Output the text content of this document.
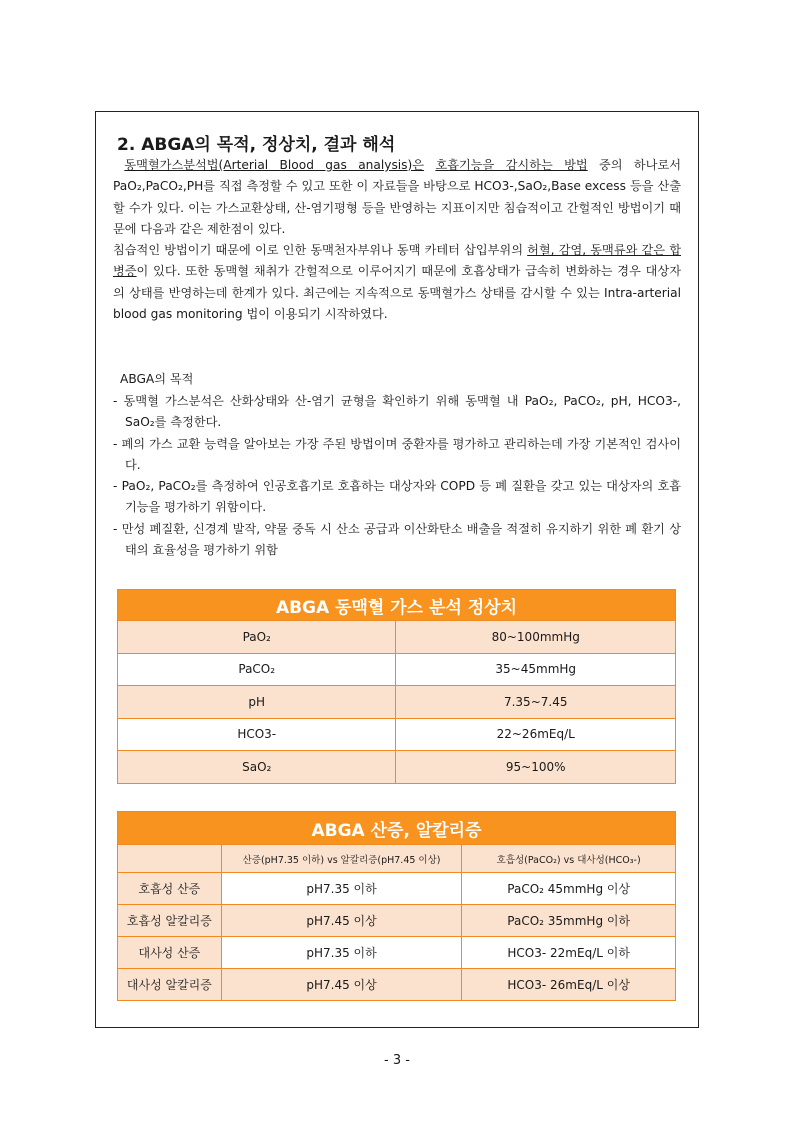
2. ABGA의 목적, 정상치, 결과 해석
동맥혈가스분석법(Arterial Blood gas analysis)은 호흡기능을 감시하는 방법 중의 하나로서 PaO₂,PaCO₂,PH를 직접 측정할 수 있고 또한 이 자료들을 바탕으로 HCO3-,SaO₂,Base excess 등을 산출할 수가 있다. 이는 가스교환상태, 산-염기평형 등을 반영하는 지표이지만 침습적이고 간헐적인 방법이기 때문에 다음과 같은 제한점이 있다.
침습적인 방법이기 때문에 이로 인한 동맥천자부위나 동맥 카테터 삽입부위의 허혈, 감염, 동맥류와 같은 합병증이 있다. 또한 동맥혈 채취가 간헐적으로 이루어지기 때문에 호흡상태가 급속히 변화하는 경우 대상자의 상태를 반영하는데 한계가 있다. 최근에는 지속적으로 동맥혈가스 상태를 감시할 수 있는 Intra-arterial blood gas monitoring 법이 이용되기 시작하였다.
ABGA의 목적
- 동맥혈 가스분석은 산화상태와 산-염기 균형을 확인하기 위해 동맥혈 내 PaO₂, PaCO₂, pH, HCO3-, SaO₂를 측정한다.
- 폐의 가스 교환 능력을 알아보는 가장 주된 방법이며 중환자를 평가하고 관리하는데 가장 기본적인 검사이다.
- PaO₂, PaCO₂를 측정하여 인공호흡기로 호흡하는 대상자와 COPD 등 폐 질환을 갖고 있는 대상자의 호흡기능을 평가하기 위함이다.
- 만성 폐질환, 신경계 발작, 약물 중독 시 산소 공급과 이산화탄소 배출을 적절히 유지하기 위한 폐 환기 상태의 효율성을 평가하기 위함
ABGA 동맥혈 가스 분석 정상치	
PaO₂	80~100mmHg
PaCO₂	35~45mmHg
pH	7.35~7.45
HCO3-	22~26mEq/L
SaO₂	95~100%
ABGA 산증, 알칼리증		
	산증(pH7.35 이하) vs 알칼리증(pH7.45 이상)	호흡성(PaCO₂) vs 대사성(HCO₃-)
호흡성 산증	pH7.35 이하	PaCO₂ 45mmHg 이상
호흡성 알칼리증	pH7.45 이상	PaCO₂ 35mmHg 이하
대사성 산증	pH7.35 이하	HCO3- 22mEq/L 이하
대사성 알칼리증	pH7.45 이상	HCO3- 26mEq/L 이상
- 3 -
